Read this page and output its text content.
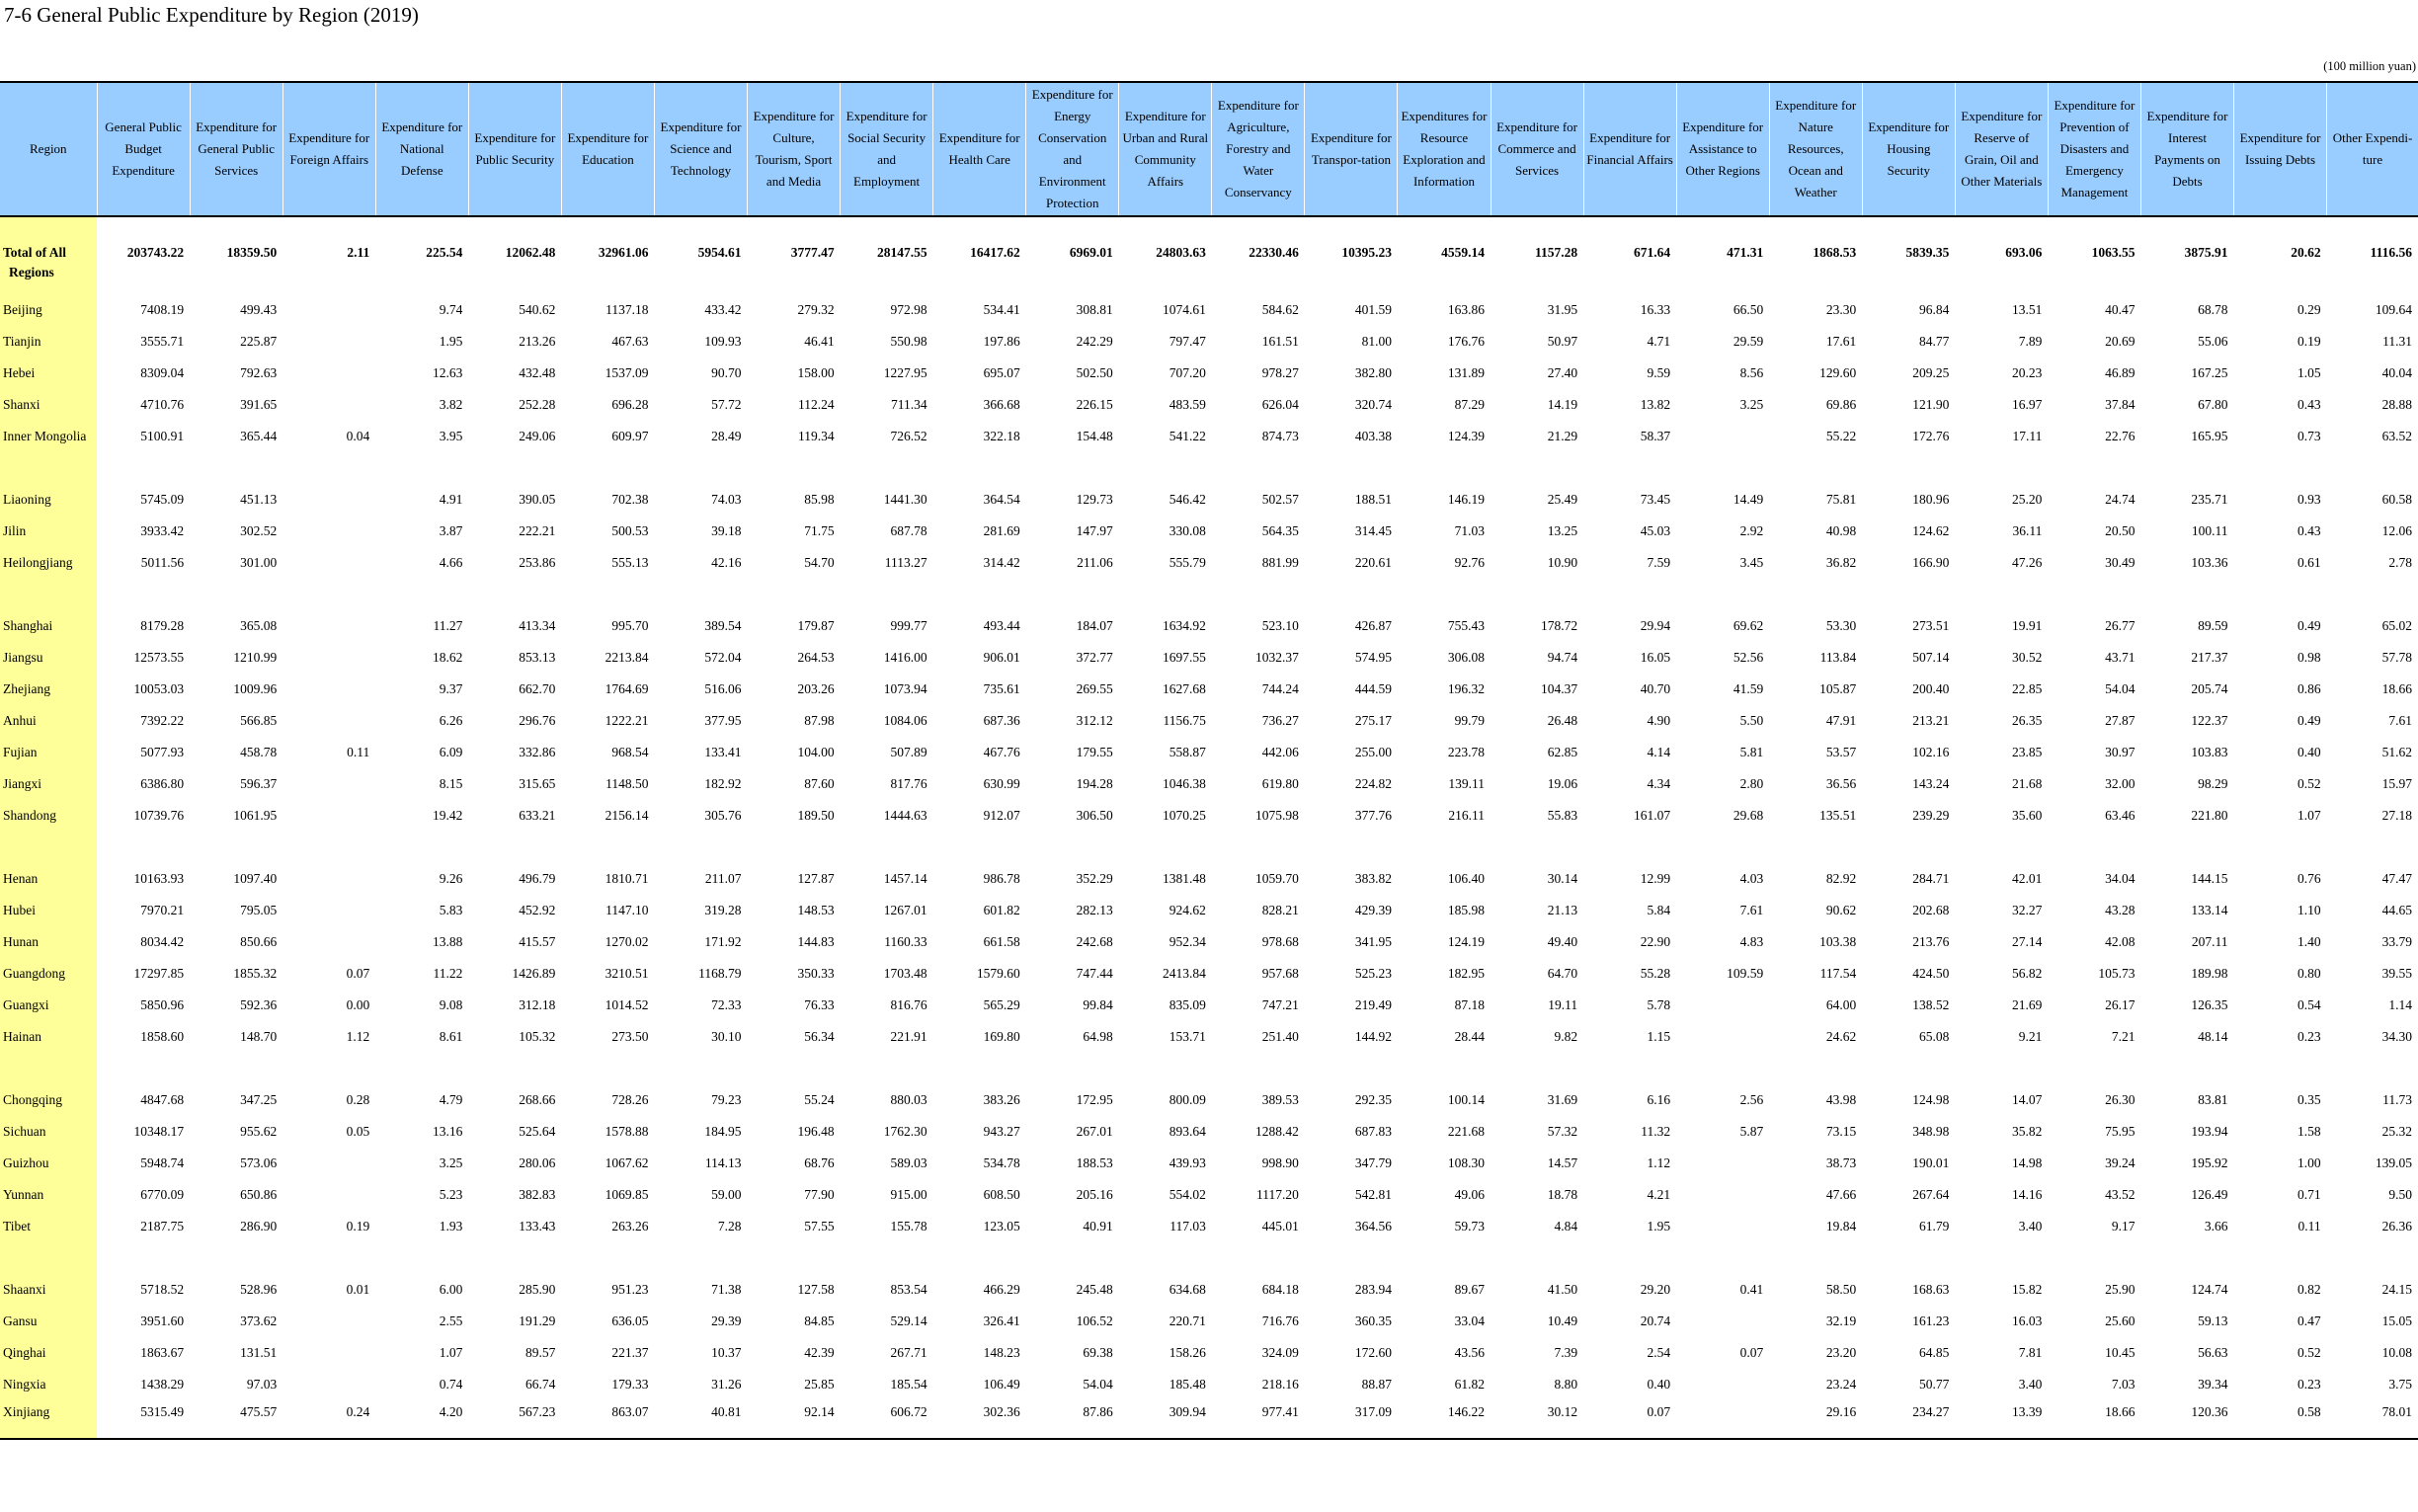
7-6 General Public Expenditure by Region (2019)
(100 million yuan)
Region	General Public Budget Expenditure	Expenditure for General Public Services	Expenditure for Foreign Affairs	Expenditure for National Defense	Expenditure for Public Security	Expenditure for Education	Expenditure for Science and Technology	Expenditure for Culture, Tourism, Sport and Media	Expenditure for Social Security and Employment	Expenditure for Health Care	Expenditure for Energy Conservation and Environment Protection	Expenditure for Urban and Rural Community Affairs	Expenditure for Agriculture, Forestry and Water Conservancy	Expenditure for Transpor-tation	Expenditures for Resource Exploration and Information	Expenditure for Commerce and Services	Expenditure for Financial Affairs	Expenditure for Assistance to Other Regions	Expenditure for Nature Resources, Ocean and Weather	Expenditure for Housing Security	Expenditure for Reserve of Grain, Oil and Other Materials	Expenditure for Prevention of Disasters and Emergency Management	Expenditure for Interest Payments on Debts	Expenditure for Issuing Debts	Other Expendi-ture
Total of All	203743.22	18359.50	2.11	225.54	12062.48	32961.06	5954.61	3777.47	28147.55	16417.62	6969.01	24803.63	22330.46	10395.23	4559.14	1157.28	671.64	471.31	1868.53	5839.35	693.06	1063.55	3875.91	20.62	1116.56
Regions																									
Beijing	7408.19	499.43		9.74	540.62	1137.18	433.42	279.32	972.98	534.41	308.81	1074.61	584.62	401.59	163.86	31.95	16.33	66.50	23.30	96.84	13.51	40.47	68.78	0.29	109.64
Tianjin	3555.71	225.87		1.95	213.26	467.63	109.93	46.41	550.98	197.86	242.29	797.47	161.51	81.00	176.76	50.97	4.71	29.59	17.61	84.77	7.89	20.69	55.06	0.19	11.31
Hebei	8309.04	792.63		12.63	432.48	1537.09	90.70	158.00	1227.95	695.07	502.50	707.20	978.27	382.80	131.89	27.40	9.59	8.56	129.60	209.25	20.23	46.89	167.25	1.05	40.04
Shanxi	4710.76	391.65		3.82	252.28	696.28	57.72	112.24	711.34	366.68	226.15	483.59	626.04	320.74	87.29	14.19	13.82	3.25	69.86	121.90	16.97	37.84	67.80	0.43	28.88
Inner Mongolia	5100.91	365.44	0.04	3.95	249.06	609.97	28.49	119.34	726.52	322.18	154.48	541.22	874.73	403.38	124.39	21.29	58.37		55.22	172.76	17.11	22.76	165.95	0.73	63.52

Liaoning	5745.09	451.13		4.91	390.05	702.38	74.03	85.98	1441.30	364.54	129.73	546.42	502.57	188.51	146.19	25.49	73.45	14.49	75.81	180.96	25.20	24.74	235.71	0.93	60.58
Jilin	3933.42	302.52		3.87	222.21	500.53	39.18	71.75	687.78	281.69	147.97	330.08	564.35	314.45	71.03	13.25	45.03	2.92	40.98	124.62	36.11	20.50	100.11	0.43	12.06
Heilongjiang	5011.56	301.00		4.66	253.86	555.13	42.16	54.70	1113.27	314.42	211.06	555.79	881.99	220.61	92.76	10.90	7.59	3.45	36.82	166.90	47.26	30.49	103.36	0.61	2.78

Shanghai	8179.28	365.08		11.27	413.34	995.70	389.54	179.87	999.77	493.44	184.07	1634.92	523.10	426.87	755.43	178.72	29.94	69.62	53.30	273.51	19.91	26.77	89.59	0.49	65.02
Jiangsu	12573.55	1210.99		18.62	853.13	2213.84	572.04	264.53	1416.00	906.01	372.77	1697.55	1032.37	574.95	306.08	94.74	16.05	52.56	113.84	507.14	30.52	43.71	217.37	0.98	57.78
Zhejiang	10053.03	1009.96		9.37	662.70	1764.69	516.06	203.26	1073.94	735.61	269.55	1627.68	744.24	444.59	196.32	104.37	40.70	41.59	105.87	200.40	22.85	54.04	205.74	0.86	18.66
Anhui	7392.22	566.85		6.26	296.76	1222.21	377.95	87.98	1084.06	687.36	312.12	1156.75	736.27	275.17	99.79	26.48	4.90	5.50	47.91	213.21	26.35	27.87	122.37	0.49	7.61
Fujian	5077.93	458.78	0.11	6.09	332.86	968.54	133.41	104.00	507.89	467.76	179.55	558.87	442.06	255.00	223.78	62.85	4.14	5.81	53.57	102.16	23.85	30.97	103.83	0.40	51.62
Jiangxi	6386.80	596.37		8.15	315.65	1148.50	182.92	87.60	817.76	630.99	194.28	1046.38	619.80	224.82	139.11	19.06	4.34	2.80	36.56	143.24	21.68	32.00	98.29	0.52	15.97
Shandong	10739.76	1061.95		19.42	633.21	2156.14	305.76	189.50	1444.63	912.07	306.50	1070.25	1075.98	377.76	216.11	55.83	161.07	29.68	135.51	239.29	35.60	63.46	221.80	1.07	27.18

Henan	10163.93	1097.40		9.26	496.79	1810.71	211.07	127.87	1457.14	986.78	352.29	1381.48	1059.70	383.82	106.40	30.14	12.99	4.03	82.92	284.71	42.01	34.04	144.15	0.76	47.47
Hubei	7970.21	795.05		5.83	452.92	1147.10	319.28	148.53	1267.01	601.82	282.13	924.62	828.21	429.39	185.98	21.13	5.84	7.61	90.62	202.68	32.27	43.28	133.14	1.10	44.65
Hunan	8034.42	850.66		13.88	415.57	1270.02	171.92	144.83	1160.33	661.58	242.68	952.34	978.68	341.95	124.19	49.40	22.90	4.83	103.38	213.76	27.14	42.08	207.11	1.40	33.79
Guangdong	17297.85	1855.32	0.07	11.22	1426.89	3210.51	1168.79	350.33	1703.48	1579.60	747.44	2413.84	957.68	525.23	182.95	64.70	55.28	109.59	117.54	424.50	56.82	105.73	189.98	0.80	39.55
Guangxi	5850.96	592.36	0.00	9.08	312.18	1014.52	72.33	76.33	816.76	565.29	99.84	835.09	747.21	219.49	87.18	19.11	5.78		64.00	138.52	21.69	26.17	126.35	0.54	1.14
Hainan	1858.60	148.70	1.12	8.61	105.32	273.50	30.10	56.34	221.91	169.80	64.98	153.71	251.40	144.92	28.44	9.82	1.15		24.62	65.08	9.21	7.21	48.14	0.23	34.30

Chongqing	4847.68	347.25	0.28	4.79	268.66	728.26	79.23	55.24	880.03	383.26	172.95	800.09	389.53	292.35	100.14	31.69	6.16	2.56	43.98	124.98	14.07	26.30	83.81	0.35	11.73
Sichuan	10348.17	955.62	0.05	13.16	525.64	1578.88	184.95	196.48	1762.30	943.27	267.01	893.64	1288.42	687.83	221.68	57.32	11.32	5.87	73.15	348.98	35.82	75.95	193.94	1.58	25.32
Guizhou	5948.74	573.06		3.25	280.06	1067.62	114.13	68.76	589.03	534.78	188.53	439.93	998.90	347.79	108.30	14.57	1.12		38.73	190.01	14.98	39.24	195.92	1.00	139.05
Yunnan	6770.09	650.86		5.23	382.83	1069.85	59.00	77.90	915.00	608.50	205.16	554.02	1117.20	542.81	49.06	18.78	4.21		47.66	267.64	14.16	43.52	126.49	0.71	9.50
Tibet	2187.75	286.90	0.19	1.93	133.43	263.26	7.28	57.55	155.78	123.05	40.91	117.03	445.01	364.56	59.73	4.84	1.95		19.84	61.79	3.40	9.17	3.66	0.11	26.36

Shaanxi	5718.52	528.96	0.01	6.00	285.90	951.23	71.38	127.58	853.54	466.29	245.48	634.68	684.18	283.94	89.67	41.50	29.20	0.41	58.50	168.63	15.82	25.90	124.74	0.82	24.15
Gansu	3951.60	373.62		2.55	191.29	636.05	29.39	84.85	529.14	326.41	106.52	220.71	716.76	360.35	33.04	10.49	20.74		32.19	161.23	16.03	25.60	59.13	0.47	15.05
Qinghai	1863.67	131.51		1.07	89.57	221.37	10.37	42.39	267.71	148.23	69.38	158.26	324.09	172.60	43.56	7.39	2.54	0.07	23.20	64.85	7.81	10.45	56.63	0.52	10.08
Ningxia	1438.29	97.03		0.74	66.74	179.33	31.26	25.85	185.54	106.49	54.04	185.48	218.16	88.87	61.82	8.80	0.40		23.24	50.77	3.40	7.03	39.34	0.23	3.75
Xinjiang	5315.49	475.57	0.24	4.20	567.23	863.07	40.81	92.14	606.72	302.36	87.86	309.94	977.41	317.09	146.22	30.12	0.07		29.16	234.27	13.39	18.66	120.36	0.58	78.01
